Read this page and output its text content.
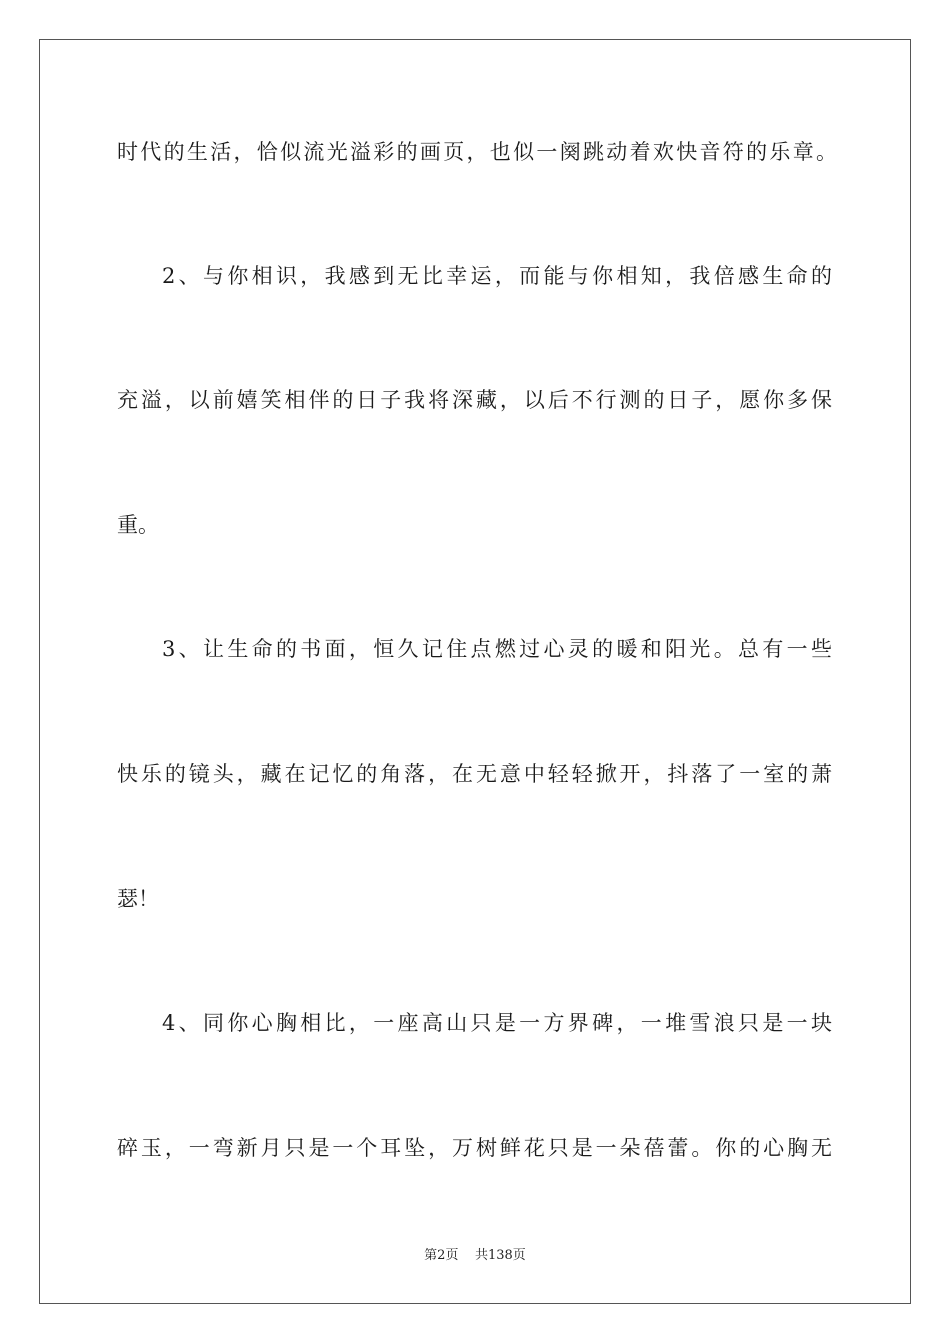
时代的生活，恰似流光溢彩的画页，也似一阕跳动着欢快音符的乐章。

2、与你相识，我感到无比幸运，而能与你相知，我倍感生命的

充溢，以前嬉笑相伴的日子我将深藏，以后不行测的日子，愿你多保

重。

3、让生命的书面，恒久记住点燃过心灵的暖和阳光。总有一些

快乐的镜头，藏在记忆的角落，在无意中轻轻掀开，抖落了一室的萧

瑟！

4、同你心胸相比，一座高山只是一方界碑，一堆雪浪只是一块

碎玉，一弯新月只是一个耳坠，万树鲜花只是一朵蓓蕾。你的心胸无

第2页 共138页
